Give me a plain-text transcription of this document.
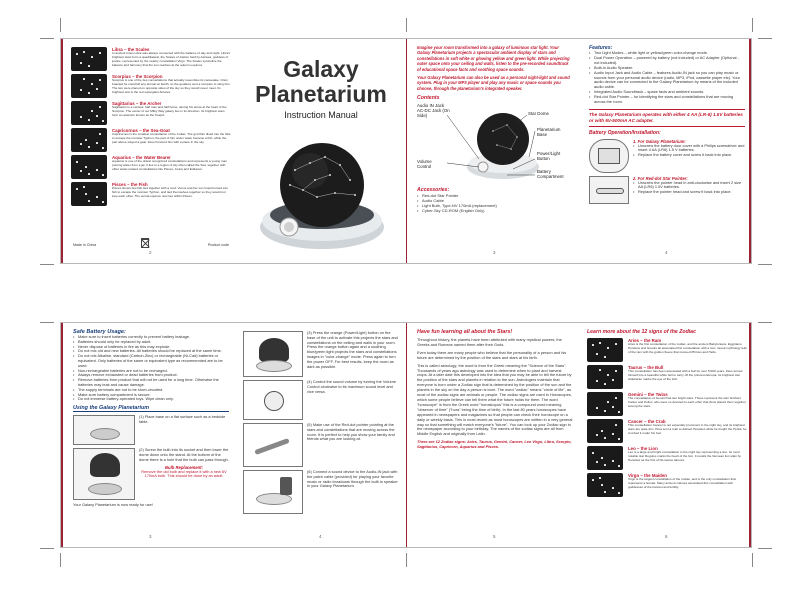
Libra – the Scales
In ancient times Libra was always connected with the balance of day and night. Libra's brightest stars form a quadrilateral, the Scales of Justice held by Astraea, goddess of justice, represented by the nearby constellation Virgo. The Scales symbolize the balance and harmony that the sun reaches at the autumn equinox.
Scorpius – the Scorpion
Scorpius is one of the few constellations that actually resembles its namesake. Orion boasted he could kill any animal on Earth, so the goddess sent a scorpion to sting him. The two were placed on opposite sides of the sky so they would never meet. Its brightest star is the red supergiant Antares.
Sagittarius – the Archer
Sagittarius is a centaur, half man and half horse, aiming his arrow at the heart of the Scorpion. The center of our Milky Way galaxy lies in its direction. Its brightest stars form an asterism known as the Teapot.
Capricornus – the Sea-Goat
Capricornus is the smallest constellation of the zodiac. The god Pan dived into the Nile to escape the monster Typhon; the part of him under water became a fish, while the part above stayed a goat. Zeus honored him with a place in the sky.
Aquarius – the Water Bearer
Aquarius is one of the oldest recognized constellations and represents a young man pouring water from a jar. It lies in a region of sky often called the Sea, together with other water-related constellations like Pisces, Cetus and Eridanus.
Pisces – the Fish
Pisces shows two fish tied together with a cord. Venus and her son Cupid turned into fish to escape the monster Typhon, and tied themselves together so they would not lose each other. The vernal equinox now lies within Pisces.
Made in China	Product code
2
Galaxy
Planetarium
Instruction Manual
Imagine your room transformed into a galaxy of luminous star light. Your Galaxy Planetarium projects a spectacular ambient display of stars and constellations in soft white or glowing yellow and green light. While projecting outer space onto your ceiling and walls, listen to the pre-recorded soundtrack of educational space facts and soothing space sounds.
Your Galaxy Planetarium can also be used as a personal night-light and sound system. Plug in your MP3 player and play any music or space sounds you choose, through the planetarium's integrated speaker.
Contents
Audio IN Jack AC-DC Jack (On Side)	Star Dome
Planetarium Base
Volume Control
Power/Light Button
Battery Compartment
Accessories:
• Red-dot Star Pointer
• Audio Cable
• Light Bulb, Type-NV 170mA (replacement)
• Cyber-Sky CD-ROM (English Only)
3
Features:
• Two Light Modes – white light or yellow/green color-change mode.
• Dual Power Operation – powered by battery (not included) or AC Adapter (Optional - not included).
• Built-in Audio Speaker.
• Audio Input Jack and Audio Cable – features Audio-IN jack so you can play music or sounds from your personal audio device (radio, MP3, iPod, cassette player etc). Your audio device can be connected to the Galaxy Planetarium by means of the included audio cable.
• Integrated Audio Soundtrack – space facts and ambient sounds.
• Red-dot Star Pointer – for identifying the stars and constellations that are moving across the room.
The Galaxy Planetarium operates with either 4 AA (LR-6) 1.5V batteries or with 6V-500mA AC adapter.
Battery Operation/Installation:
1. For Galaxy Planetarium:
• Unscrew the battery door cover with a Philips screwdriver and insert 4 AA (LR6) 1.5 V batteries.
• Replace the battery cover and screw it back into place.
2. For Red-dot Star Pointer:
• Unscrew the pointer head in anti-clockwise and insert 2 size AA (LR6) 1.5V batteries.
• Replace the pointer head and screw it back into place.
4
Safe Battery Usage:
• Make sure to insert batteries correctly to prevent battery leakage.
• Batteries should only be replaced by adult.
• Never dispose of batteries in fire as this may explode.
• Do not mix old and new batteries. All batteries should be replaced at the same time.
• Do not mix Alkaline, standard (Carbon-Zinc) or rechargeable (Ni-Cad) batteries or equivalent. Only batteries of the same or equivalent type as recommended are to be used.
• Non-rechargeable batteries are not to be recharged.
• Always remove exhausted or dead batteries from product.
• Remove batteries from product that will not be used for a long time. Otherwise the batteries may leak and cause damage.
• The supply terminals are not to be short-circuited.
• Make sure battery compartment is secure.
• Do not immerse battery-operated toys. Wipe clean only.
Using the Galaxy Planetarium
(1) Place base on a flat surface such as a bedside table.
(2) Screw the bulb into its socket and then lower the dome down onto the stand. At the bottom of the dome there is a hole that the bulb can pass through.
Bulb Replacement:
Remove the old bulb and replace it with a new 6V 170mA bulb. This should be done by an adult.
Your Galaxy Planetarium is now ready for use!
3
(3) Press the orange (Power/Light) button on the base of the unit to activate this projects the stars and constellations on the ceiling and walls in your room. Press the orange button again and a soothing blue/green light projects the stars and constellations images in "color-change" mode. Press again to turn the power OFF. For best results, keep the room as dark as possible.
(4) Control the sound volume by turning the Volume Control clockwise to its maximum sound level and vice versa.
(5) Make use of the Red-dot pointer pointing at the stars and constellations that are moving across the room. It is perfect to help you show your family and friends what you are looking at.
(6) Connect a sound device to the Audio-IN jack with the patch cable (provided) for playing your favorite music or radio broadcast through the built-in speaker in your Galaxy Planetarium.
4
Have fun learning all about the Stars!
Throughout history, the planets have been attributed with many mystical powers; the Greeks and Romans named them after their Gods.
Even today there are many people who believe that the personality of a person and his future are determined by the position of the stars and stars at his birth.
This is called astrology; the word is from the Greek meaning the "Science of the Stars". Thousands of years ago astrology was used to determine when to plant and harvest crops. At a later date this developed into the idea that you may be able to tell the future by the position of the stars and planets in relation to the sun. Astrologers maintain that everyone is born under a Zodiac sign that is determined by the position of the sun and the planets in the sky on the day a person is born. The word "zodiac" means "circle of life", as most of the zodiac signs are animals or people. The zodiac signs are used in Horoscopes, which some people believe can tell them what the future holds for them. The word "horoscope" is from the Greek word "horoskopos" this is a compound word meaning "observer of time" ("hora" being the time of birth). In the last 80 years horoscopes have appeared in newspapers and magazines so that people can check their horoscope on a daily or weekly basis. This is most recent as most horoscopes are written in a very general way so that something will match everyone's "future". You can look up your Zodiac sign in the newspaper according to your birthday. The names of the zodiac signs are all from Middle English and originally from Latin.
There are 12 Zodiac signs: Aries, Taurus, Gemini, Cancer, Leo Virgo, Libra, Scorpio, Sagittarius, Capricorn, Aquarius and Pisces.
5
Learn more about the 12 signs of the Zodiac
Aries – the Ram
Aries is the first constellation of the zodiac, and the ancient Babylonians, Egyptians, Persians and Greeks all associated this constellation with a ram. Greek mythology tells of the ram with the golden fleece that rescued Phrixus and Helle.
Taurus – the Bull
This constellation has been associated with a bull for over 5,000 years. Zeus turned himself into a beautiful white bull to carry off the princess Europa. Its brightest star Aldebaran marks the eye of the bull.
Gemini – the Twins
The constellation of Gemini has two bright stars. These represent the twin brothers Castor and Pollux, who were so devoted to each other that Zeus placed them together among the stars.
Cancer – the Crab
This constellation Cancer is not especially prominent in the night sky, and its brightest stars are quite dim. Hera sent a crab to distract Heracles while he fought the Hydra; he crushed it under his foot.
Leo – the Lion
Leo is a large and bright constellation in the night sky representing a lion. Its most notable star Regulus marks the heart of the lion. It recalls the Nemean lion slain by Heracles as the first of his twelve labours.
Virgo – the Maiden
Virgo is the largest constellation of the zodiac, and is the only constellation that represents a female. Many ancient cultures associated this constellation with goddesses of the harvest and fertility.
6
